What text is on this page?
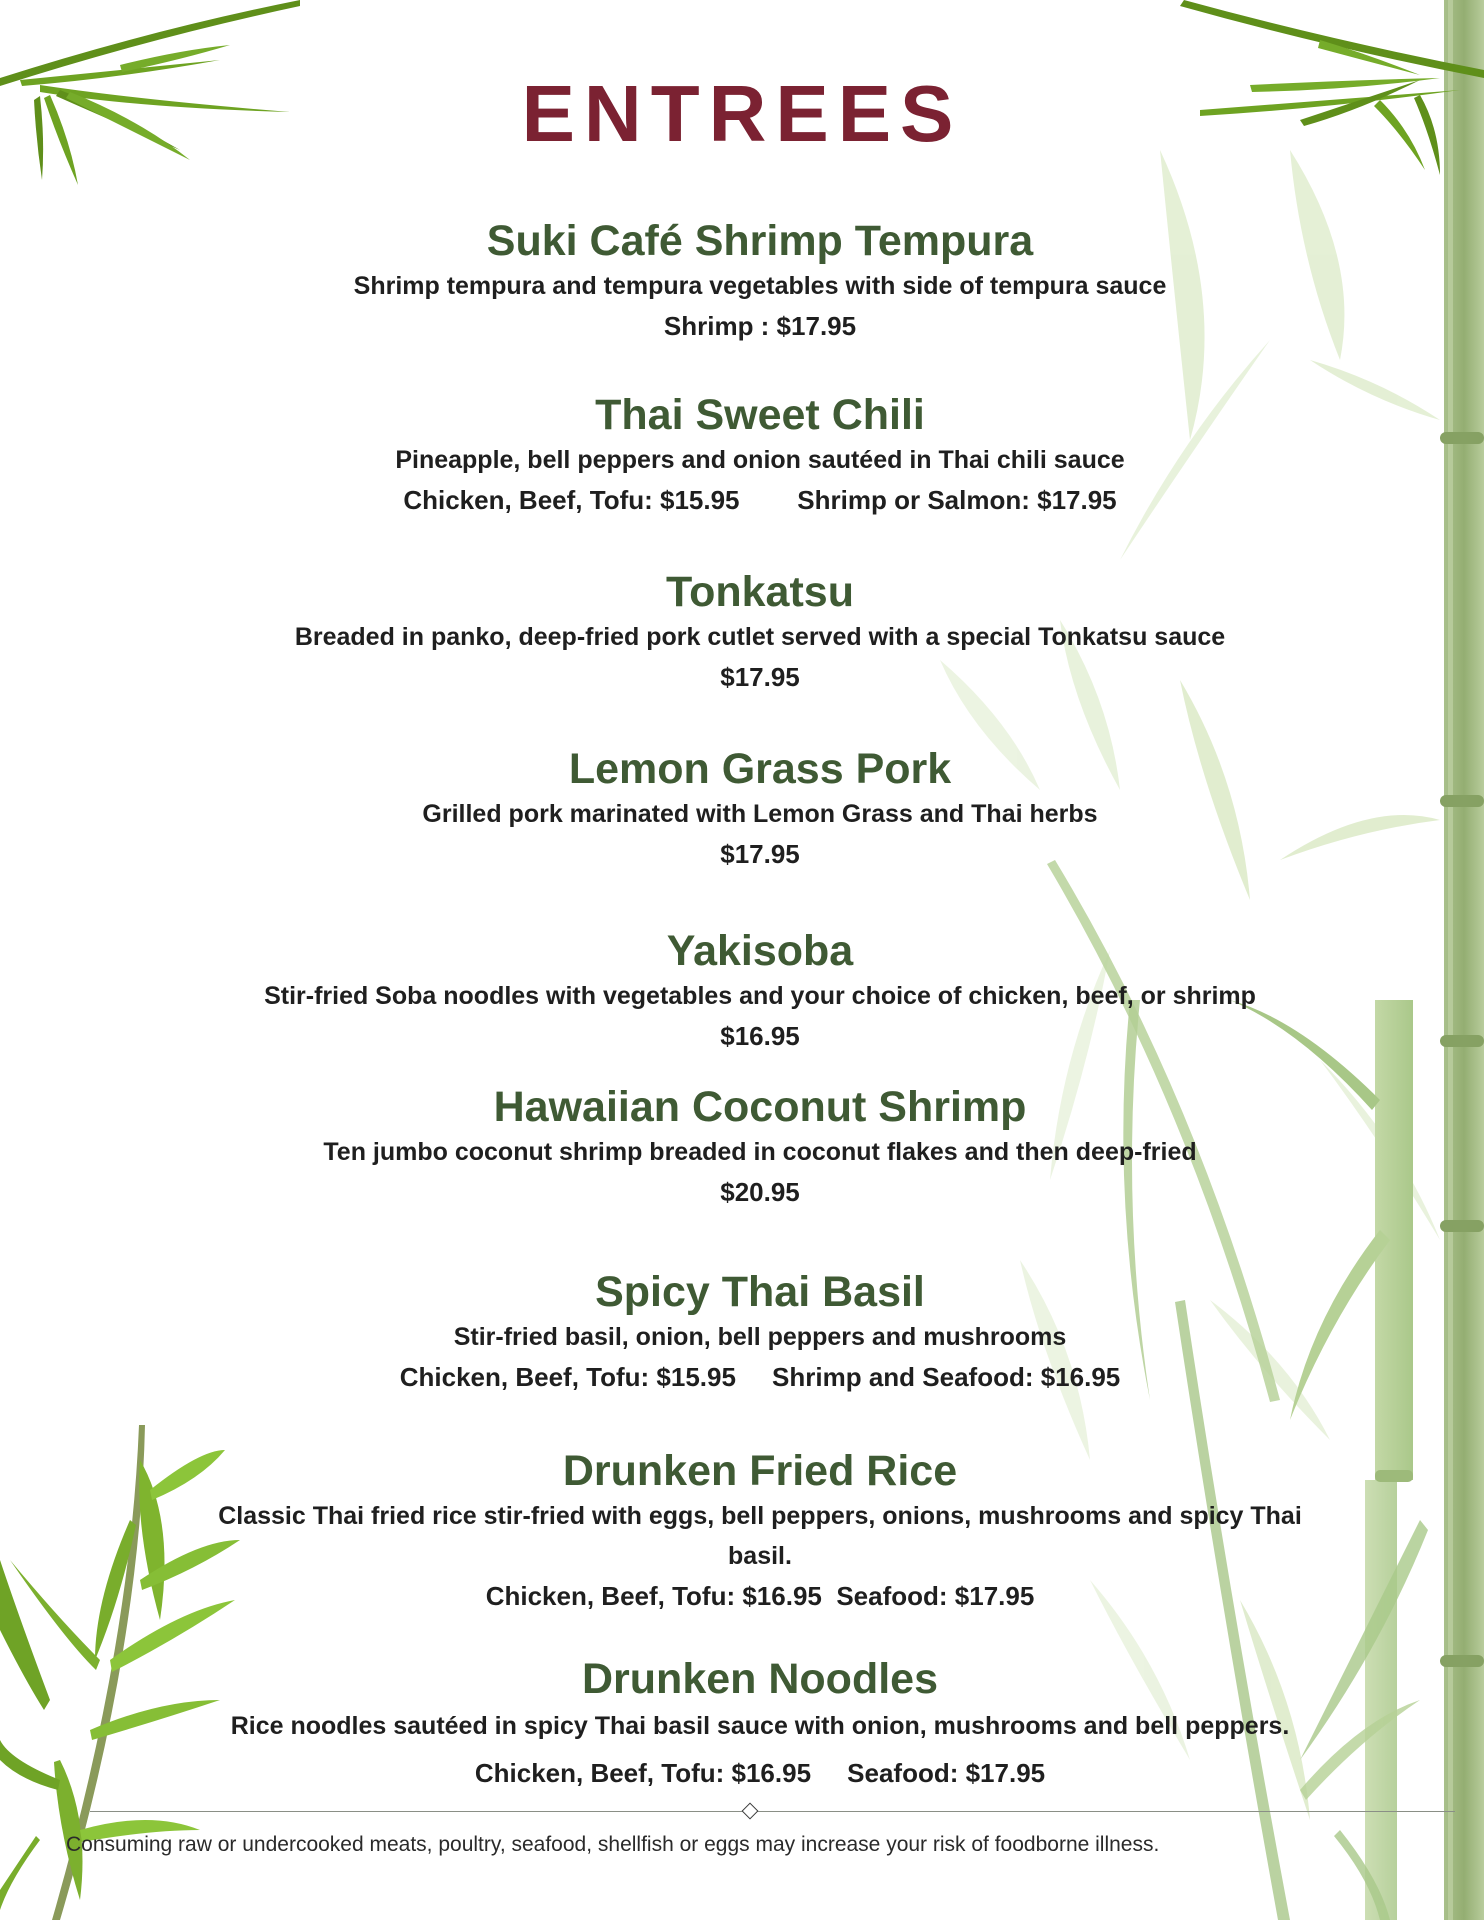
ENTREES
Suki Café Shrimp Tempura

Shrimp tempura and tempura vegetables with side of tempura sauce

Shrimp : $17.95

Thai Sweet Chili

Pineapple, bell peppers and onion sautéed in Thai chili sauce

Chicken, Beef, Tofu: $15.95        Shrimp or Salmon: $17.95

Tonkatsu

Breaded in panko, deep-fried pork cutlet served with a special Tonkatsu sauce

$17.95

Lemon Grass Pork

Grilled pork marinated with Lemon Grass and Thai herbs

$17.95

Yakisoba

Stir-fried Soba noodles with vegetables and your choice of chicken, beef, or shrimp

$16.95

Hawaiian Coconut Shrimp

Ten jumbo coconut shrimp breaded in coconut flakes and then deep-fried

$20.95

Spicy Thai Basil

Stir-fried basil, onion, bell peppers and mushrooms

Chicken, Beef, Tofu: $15.95     Shrimp and Seafood: $16.95

Drunken Fried Rice

Classic Thai fried rice stir-fried with eggs, bell peppers, onions, mushrooms and spicy Thai basil.

Chicken, Beef, Tofu: $16.95  Seafood: $17.95

Drunken Noodles

Rice noodles sautéed in spicy Thai basil sauce with onion, mushrooms and bell peppers.

Chicken, Beef, Tofu: $16.95     Seafood: $17.95

Consuming raw or undercooked meats, poultry, seafood, shellfish or eggs may increase your risk of foodborne illness.
